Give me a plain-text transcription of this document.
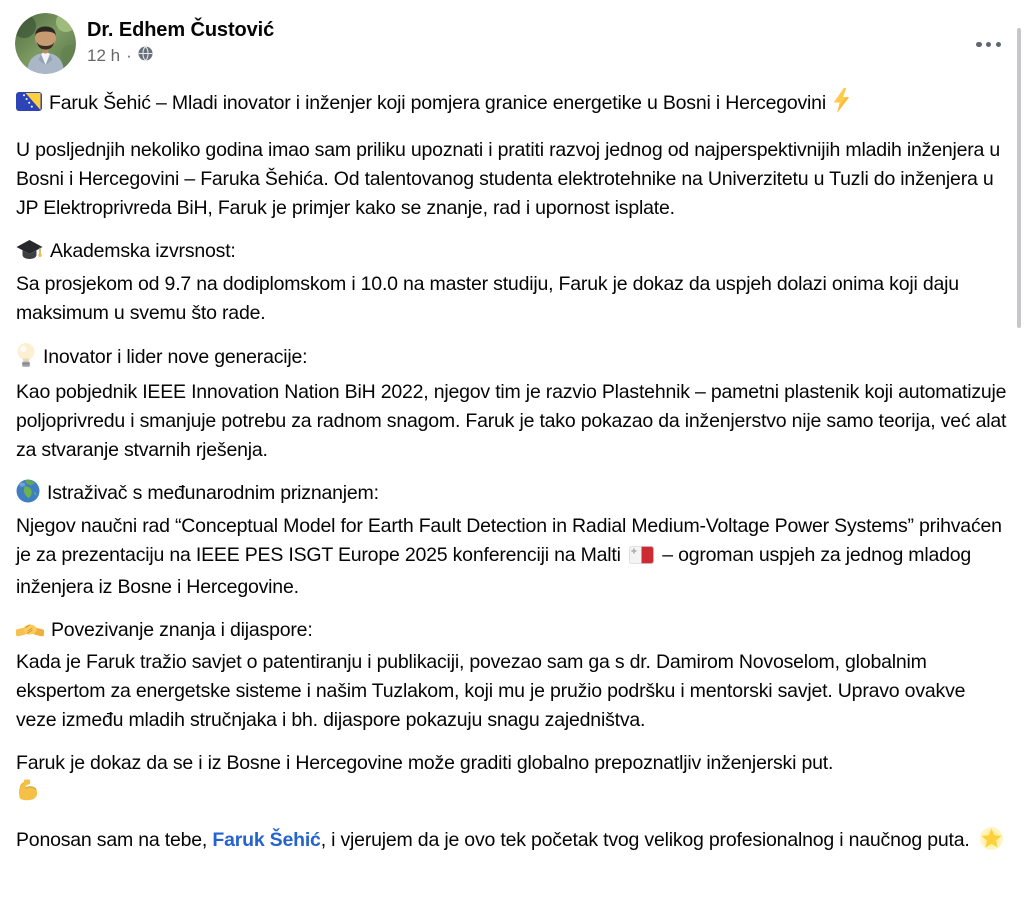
Dr. Edhem Čustović
12 h ·

Faruk Šehić – Mladi inovator i inženjer koji pomjera granice energetike u Bosni i Hercegovini

U posljednjih nekoliko godina imao sam priliku upoznati i pratiti razvoj jednog od najperspektivnijih mladih inženjera u Bosni i Hercegovini – Faruka Šehića. Od talentovanog studenta elektrotehnike na Univerzitetu u Tuzli do inženjera u JP Elektroprivreda BiH, Faruk je primjer kako se znanje, rad i upornost isplate.

Akademska izvrsnost:
Sa prosjekom od 9.7 na dodiplomskom i 10.0 na master studiju, Faruk je dokaz da uspjeh dolazi onima koji daju maksimum u svemu što rade.
Inovator i lider nove generacije:
Kao pobjednik IEEE Innovation Nation BiH 2022, njegov tim je razvio Plastehnik – pametni plastenik koji automatizuje poljoprivredu i smanjuje potrebu za radnom snagom. Faruk je tako pokazao da inženjerstvo nije samo teorija, već alat za stvaranje stvarnih rješenja.
Istraživač s međunarodnim priznanjem:
Njegov naučni rad “Conceptual Model for Earth Fault Detection in Radial Medium-Voltage Power Systems” prihvaćen je za prezentaciju na IEEE PES ISGT Europe 2025 konferenciji na Malti  – ogroman uspjeh za jednog mladog inženjera iz Bosne i Hercegovine.
Povezivanje znanja i dijaspore:
Kada je Faruk tražio savjet o patentiranju i publikaciji, povezao sam ga s dr. Damirom Novoselom, globalnim ekspertom za energetske sisteme i našim Tuzlakom, koji mu je pružio podršku i mentorski savjet. Upravo ovakve veze između mladih stručnjaka i bh. dijaspore pokazuju snagu zajedništva.

Faruk je dokaz da se i iz Bosne i Hercegovine može graditi globalno prepoznatljiv inženjerski put.

Ponosan sam na tebe, Faruk Šehić, i vjerujem da je ovo tek početak tvog velikog profesionalnog i naučnog puta.
